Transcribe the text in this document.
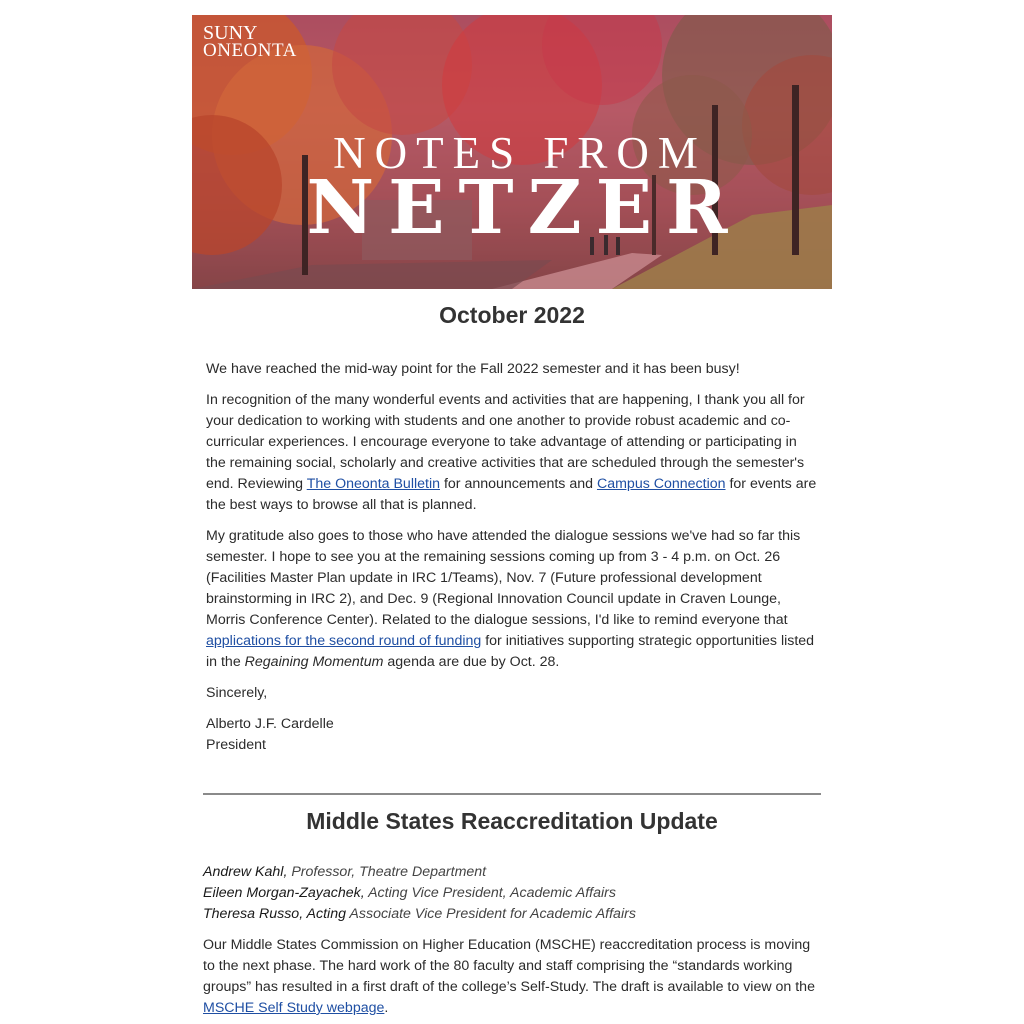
SUNY
ONEONTA
NOTES FROM
NETZER
October 2022

We have reached the mid-way point for the Fall 2022 semester and it has been busy!

In recognition of the many wonderful events and activities that are happening, I thank you all for your dedication to working with students and one another to provide robust academic and co-curricular experiences. I encourage everyone to take advantage of attending or participating in the remaining social, scholarly and creative activities that are scheduled through the semester's end. Reviewing The Oneonta Bulletin for announcements and Campus Connection for events are the best ways to browse all that is planned.

My gratitude also goes to those who have attended the dialogue sessions we've had so far this semester. I hope to see you at the remaining sessions coming up from 3 - 4 p.m. on Oct. 26 (Facilities Master Plan update in IRC 1/Teams), Nov. 7 (Future professional development brainstorming in IRC 2), and Dec. 9 (Regional Innovation Council update in Craven Lounge, Morris Conference Center). Related to the dialogue sessions, I'd like to remind everyone that applications for the second round of funding for initiatives supporting strategic opportunities listed in the Regaining Momentum agenda are due by Oct. 28.

Sincerely,

Alberto J.F. Cardelle
President

Middle States Reaccreditation Update
Andrew Kahl, Professor, Theatre Department
Eileen Morgan-Zayachek, Acting Vice President, Academic Affairs
Theresa Russo, Acting Associate Vice President for Academic Affairs

Our Middle States Commission on Higher Education (MSCHE) reaccreditation process is moving to the next phase. The hard work of the 80 faculty and staff comprising the “standards working groups” has resulted in a first draft of the college’s Self-Study. The draft is available to view on the MSCHE Self Study webpage.
